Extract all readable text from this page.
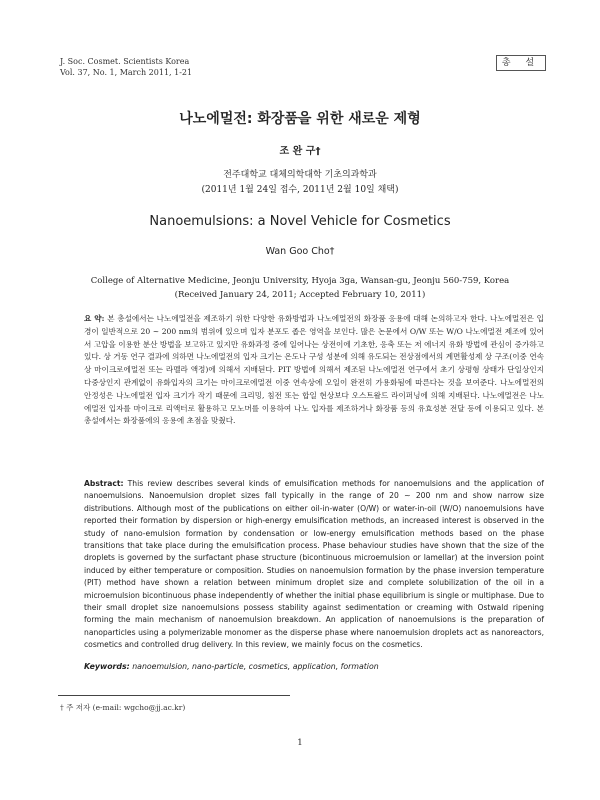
J. Soc. Cosmet. Scientists Korea
Vol. 37, No. 1, March 2011, 1-21
총 설
나노에멀전: 화장품을 위한 새로운 제형
조 완 구†
전주대학교 대체의학대학 기초의과학과
(2011년 1월 24일 접수, 2011년 2월 10일 채택)
Nanoemulsions: a Novel Vehicle for Cosmetics
Wan Goo Cho†
College of Alternative Medicine, Jeonju University, Hyoja 3ga, Wansan-gu, Jeonju 560-759, Korea
(Received January 24, 2011; Accepted February 10, 2011)
요 약: 본 총설에서는 나노에멀전을 제조하기 위한 다양한 유화방법과 나노에멀전의 화장품 응용에 대해 논의하고자 한다. 나노에멀전은 입경이 일반적으로 20 ~ 200 nm의 범위에 있으며 입자 분포도 좁은 영역을 보인다. 많은 논문에서 O/W 또는 W/O 나노에멀전 제조에 있어서 고압을 이용한 분산 방법을 보고하고 있지만 유화과정 중에 일어나는 상전이에 기초한, 응축 또는 저 에너지 유화 방법에 관심이 증가하고 있다. 상 거동 연구 결과에 의하면 나노에멀전의 입자 크기는 온도나 구성 성분에 의해 유도되는 전상점에서의 계면활성제 상 구조(이중 연속상 마이크로에멀전 또는 라멜라 액정)에 의해서 지배된다. PIT 방법에 의해서 제조된 나노에멀전 연구에서 초기 상평형 상태가 단일상인지 다중상인지 관계없이 유화입자의 크기는 마이크로에멀전 이중 연속상에 오일이 완전히 가용화됨에 따른다는 것을 보여준다. 나노에멀전의 안정성은 나노에멀전 입자 크기가 작기 때문에 크리밍, 침전 또는 합일 현상보다 오스트왈드 라이퍼닝에 의해 지배된다. 나노에멀전은 나노에멀전 입자를 마이크로 리액터로 활용하고 모노머를 이용하여 나노 입자를 제조하거나 화장품 등의 유효성분 전달 등에 이용되고 있다. 본 총설에서는 화장품에의 응용에 초점을 맞췄다.
Abstract: This review describes several kinds of emulsification methods for nanoemulsions and the application of nanoemulsions. Nanoemulsion droplet sizes fall typically in the range of 20 ~ 200 nm and show narrow size distributions. Although most of the publications on either oil-in-water (O/W) or water-in-oil (W/O) nanoemulsions have reported their formation by dispersion or high-energy emulsification methods, an increased interest is observed in the study of nano-emulsion formation by condensation or low-energy emulsification methods based on the phase transitions that take place during the emulsification process. Phase behaviour studies have shown that the size of the droplets is governed by the surfactant phase structure (bicontinuous microemulsion or lamellar) at the inversion point induced by either temperature or composition. Studies on nanoemulsion formation by the phase inversion temperature (PIT) method have shown a relation between minimum droplet size and complete solubilization of the oil in a microemulsion bicontinuous phase independently of whether the initial phase equilibrium is single or multiphase. Due to their small droplet size nanoemulsions possess stability against sedimentation or creaming with Ostwald ripening forming the main mechanism of nanoemulsion breakdown. An application of nanoemulsions is the preparation of nanoparticles using a polymerizable monomer as the disperse phase where nanoemulsion droplets act as nanoreactors, cosmetics and controlled drug delivery. In this review, we mainly focus on the cosmetics.
Keywords: nanoemulsion, nano-particle, cosmetics, application, formation
† 주 저자 (e-mail: wgcho@jj.ac.kr)
1
